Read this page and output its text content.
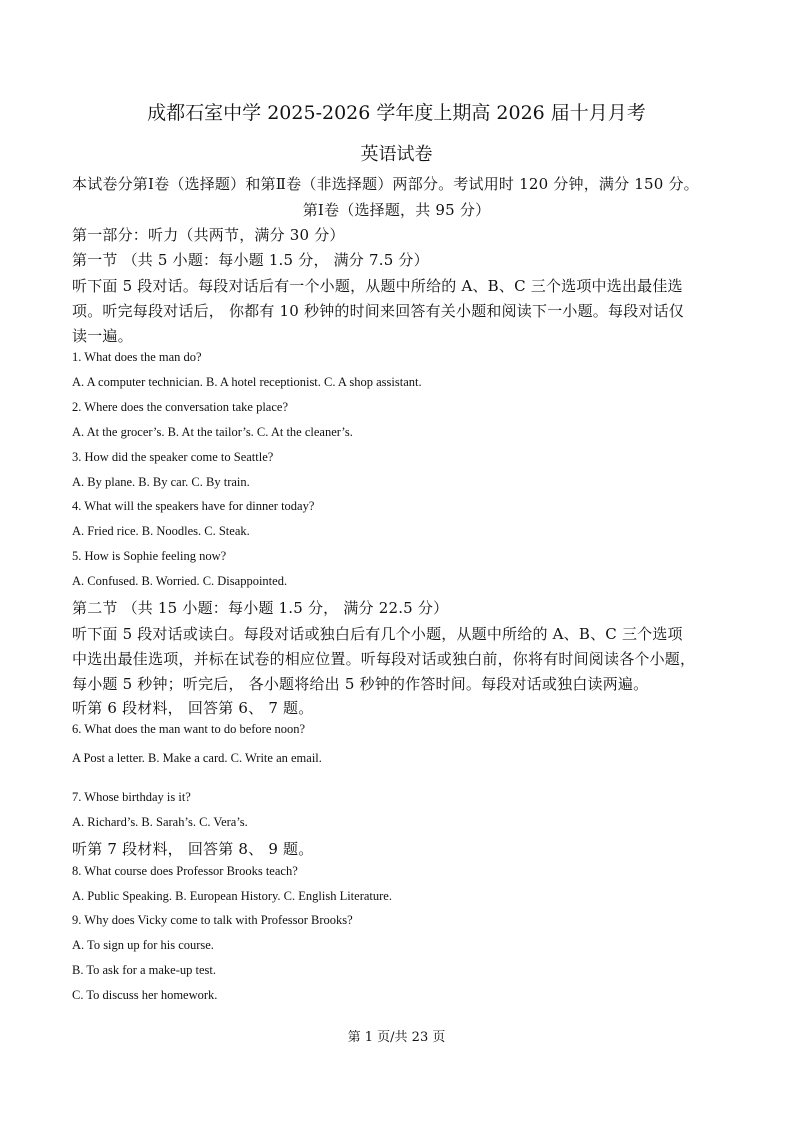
成都石室中学 2025-2026 学年度上期高 2026 届十月月考
英语试卷
本试卷分第Ⅰ卷（选择题）和第Ⅱ卷（非选择题）两部分。考试用时 120 分钟，满分 150 分。
第Ⅰ卷（选择题，共 95 分）
第一部分：听力（共两节，满分 30 分）
第一节 （共 5 小题：每小题 1.5 分， 满分 7.5 分）
听下面 5 段对话。每段对话后有一个小题，从题中所给的 A、B、C 三个选项中选出最佳选
项。听完每段对话后， 你都有 10 秒钟的时间来回答有关小题和阅读下一小题。每段对话仅
读一遍。
1. What does the man do?
A. A computer technician. B. A hotel receptionist. C. A shop assistant.
2. Where does the conversation take place?
A. At the grocer’s. B. At the tailor’s. C. At the cleaner’s.
3. How did the speaker come to Seattle?
A. By plane. B. By car. C. By train.
4. What will the speakers have for dinner today?
A. Fried rice. B. Noodles. C. Steak.
5. How is Sophie feeling now?
A. Confused. B. Worried. C. Disappointed.
第二节 （共 15 小题：每小题 1.5 分， 满分 22.5 分）
听下面 5 段对话或读白。每段对话或独白后有几个小题，从题中所给的 A、B、C 三个选项
中选出最佳选项，并标在试卷的相应位置。听每段对话或独白前，你将有时间阅读各个小题，
每小题 5 秒钟；听完后， 各小题将给出 5 秒钟的作答时间。每段对话或独白读两遍。
听第 6 段材料， 回答第 6、 7 题。
6. What does the man want to do before noon?
A Post a letter. B. Make a card. C. Write an email.
7. Whose birthday is it?
A. Richard’s. B. Sarah’s. C. Vera’s.
听第 7 段材料， 回答第 8、 9 题。
8. What course does Professor Brooks teach?
A. Public Speaking. B. European History. C. English Literature.
9. Why does Vicky come to talk with Professor Brooks?
A. To sign up for his course.
B. To ask for a make-up test.
C. To discuss her homework.
第 1 页/共 23 页
